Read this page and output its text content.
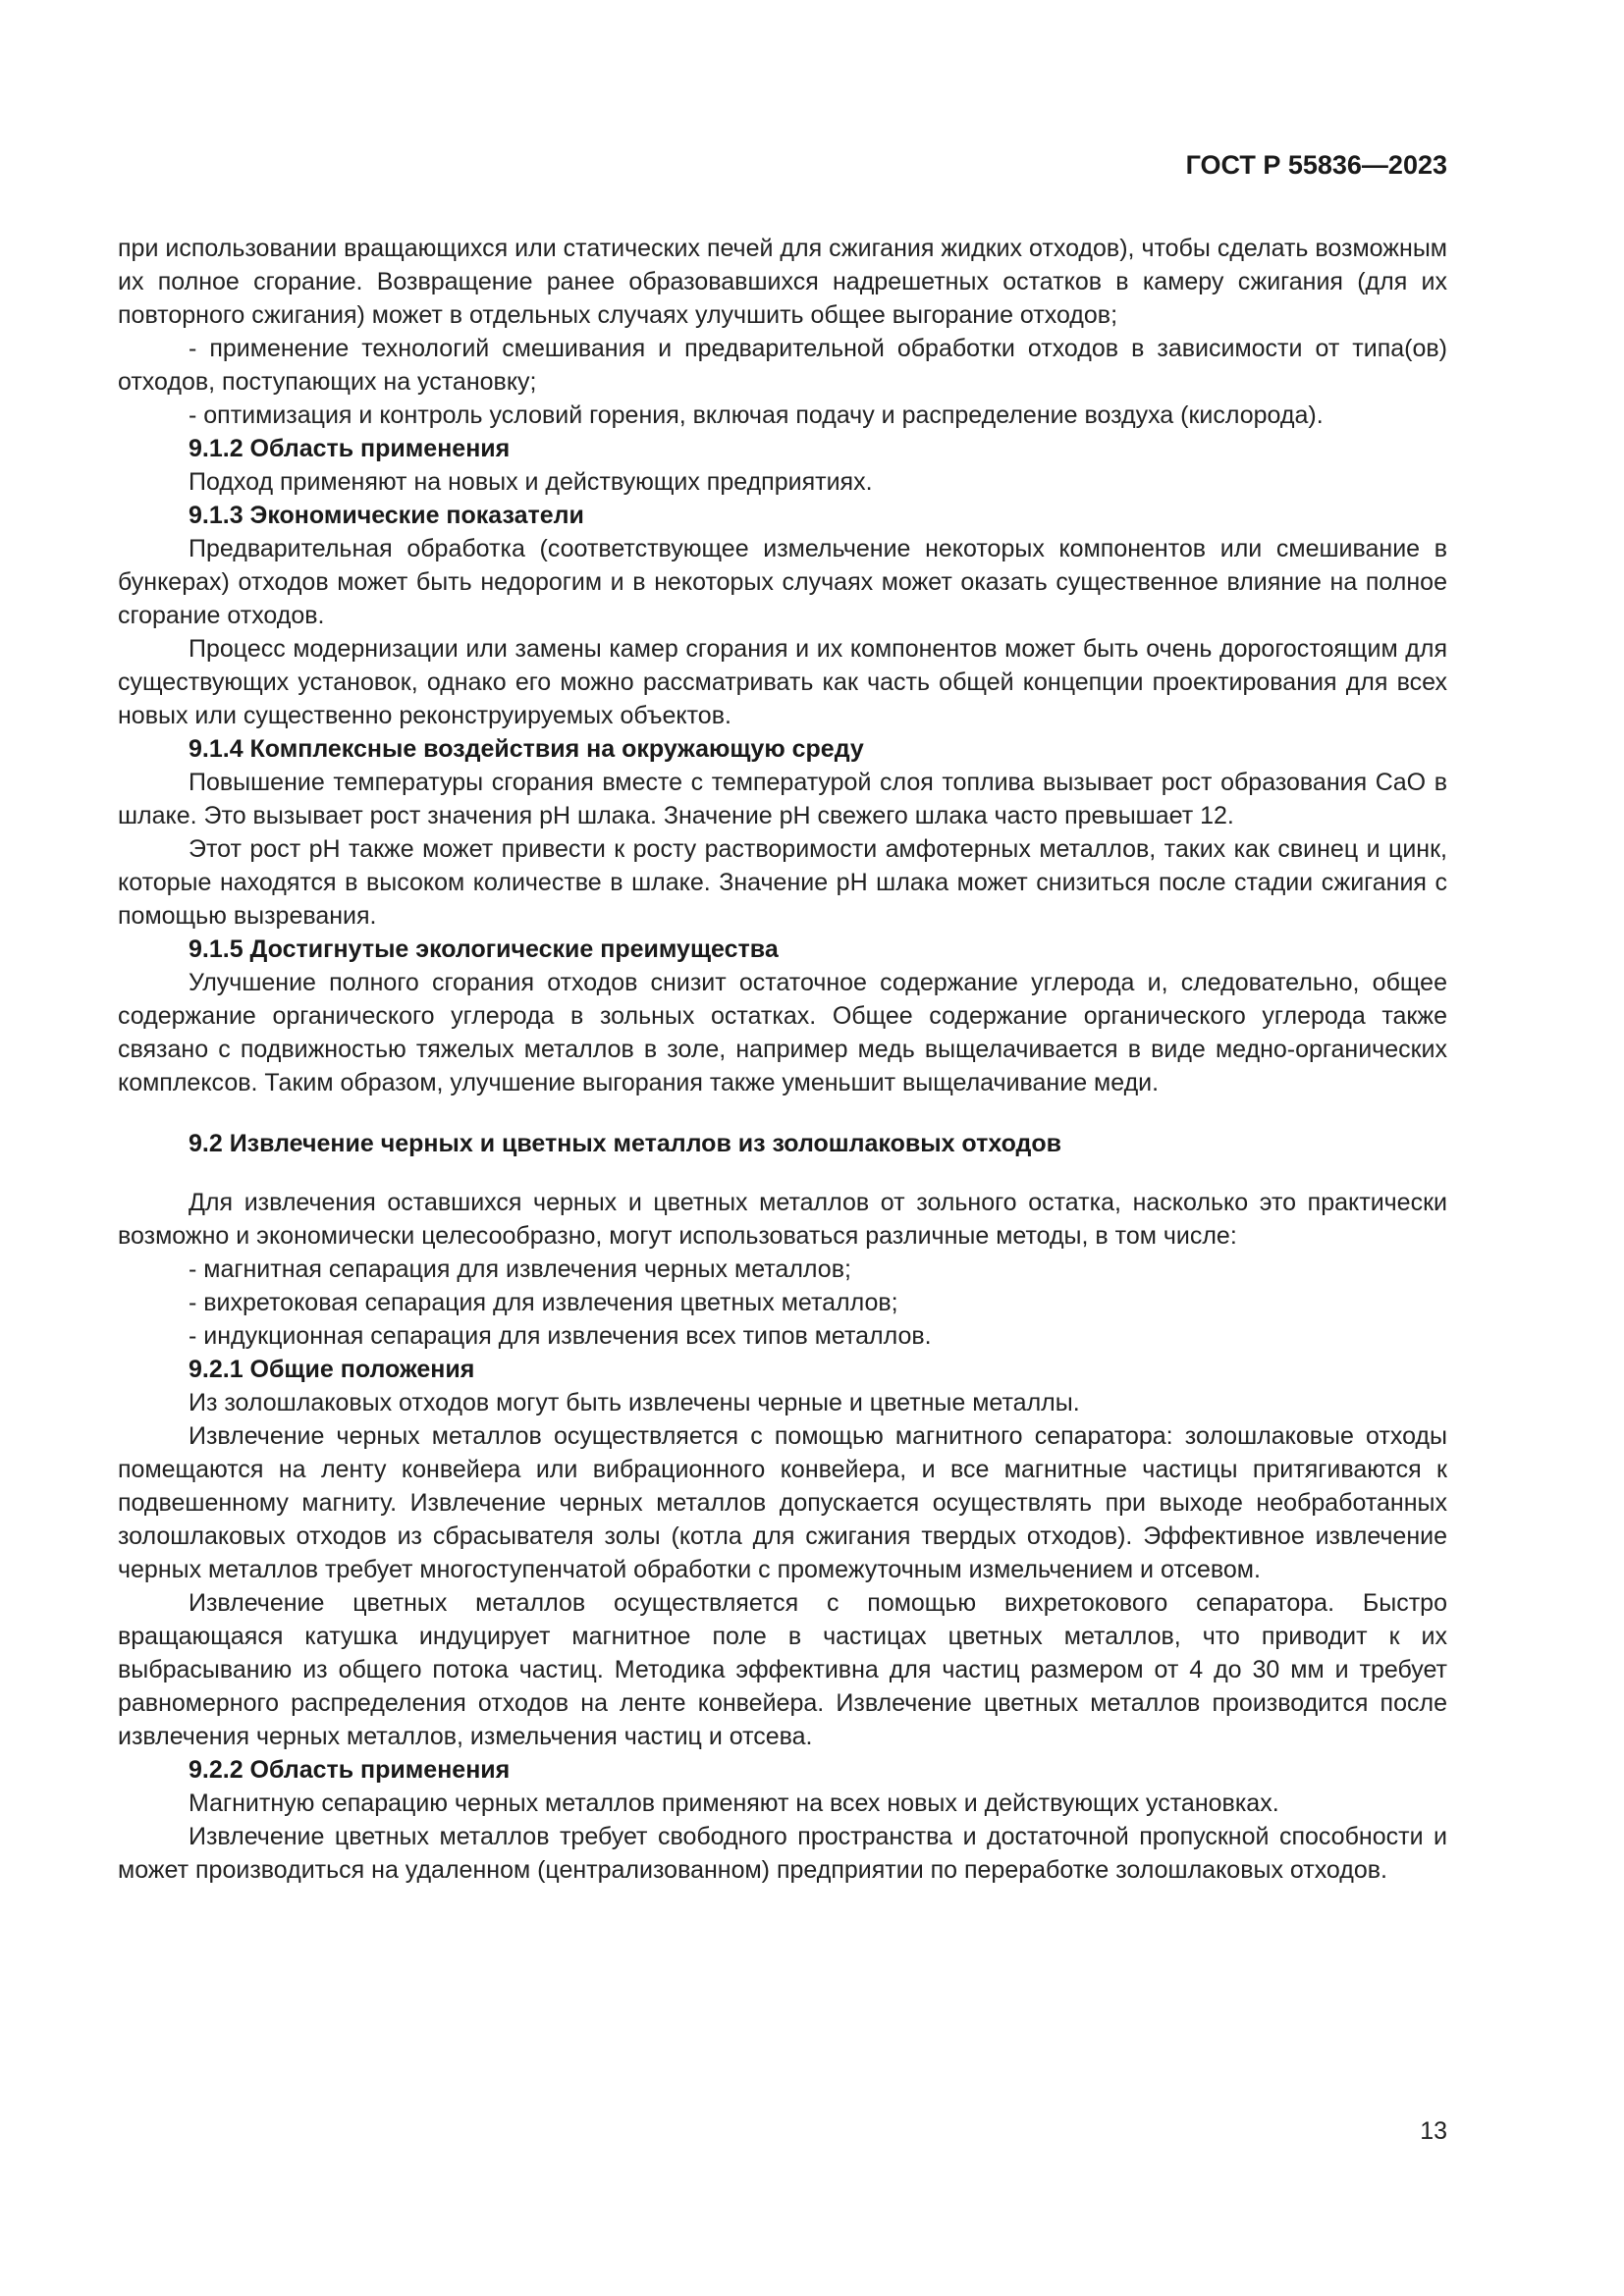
ГОСТ Р 55836—2023

при использовании вращающихся или статических печей для сжигания жидких отходов), чтобы сделать возможным их полное сгорание. Возвращение ранее образовавшихся надрешетных остатков в камеру сжигания (для их повторного сжигания) может в отдельных случаях улучшить общее выгорание отходов;

- применение технологий смешивания и предварительной обработки отходов в зависимости от типа(ов) отходов, поступающих на установку;

- оптимизация и контроль условий горения, включая подачу и распределение воздуха (кислорода).

9.1.2 Область применения

Подход применяют на новых и действующих предприятиях.

9.1.3 Экономические показатели

Предварительная обработка (соответствующее измельчение некоторых компонентов или смешивание в бункерах) отходов может быть недорогим и в некоторых случаях может оказать существенное влияние на полное сгорание отходов.

Процесс модернизации или замены камер сгорания и их компонентов может быть очень дорогостоящим для существующих установок, однако его можно рассматривать как часть общей концепции проектирования для всех новых или существенно реконструируемых объектов.

9.1.4 Комплексные воздействия на окружающую среду

Повышение температуры сгорания вместе с температурой слоя топлива вызывает рост образования CaO в шлаке. Это вызывает рост значения pH шлака. Значение pH свежего шлака часто превышает 12.

Этот рост pH также может привести к росту растворимости амфотерных металлов, таких как свинец и цинк, которые находятся в высоком количестве в шлаке. Значение pH шлака может снизиться после стадии сжигания с помощью вызревания.

9.1.5 Достигнутые экологические преимущества

Улучшение полного сгорания отходов снизит остаточное содержание углерода и, следовательно, общее содержание органического углерода в зольных остатках. Общее содержание органического углерода также связано с подвижностью тяжелых металлов в золе, например медь выщелачивается в виде медно-органических комплексов. Таким образом, улучшение выгорания также уменьшит выщелачивание меди.

9.2 Извлечение черных и цветных металлов из золошлаковых отходов

Для извлечения оставшихся черных и цветных металлов от зольного остатка, насколько это практически возможно и экономически целесообразно, могут использоваться различные методы, в том числе:

- магнитная сепарация для извлечения черных металлов;

- вихретоковая сепарация для извлечения цветных металлов;

- индукционная сепарация для извлечения всех типов металлов.

9.2.1 Общие положения

Из золошлаковых отходов могут быть извлечены черные и цветные металлы.

Извлечение черных металлов осуществляется с помощью магнитного сепаратора: золошлаковые отходы помещаются на ленту конвейера или вибрационного конвейера, и все магнитные частицы притягиваются к подвешенному магниту. Извлечение черных металлов допускается осуществлять при выходе необработанных золошлаковых отходов из сбрасывателя золы (котла для сжигания твердых отходов). Эффективное извлечение черных металлов требует многоступенчатой обработки с промежуточным измельчением и отсевом.

Извлечение цветных металлов осуществляется с помощью вихретокового сепаратора. Быстро вращающаяся катушка индуцирует магнитное поле в частицах цветных металлов, что приводит к их выбрасыванию из общего потока частиц. Методика эффективна для частиц размером от 4 до 30 мм и требует равномерного распределения отходов на ленте конвейера. Извлечение цветных металлов производится после извлечения черных металлов, измельчения частиц и отсева.

9.2.2 Область применения

Магнитную сепарацию черных металлов применяют на всех новых и действующих установках.

Извлечение цветных металлов требует свободного пространства и достаточной пропускной способности и может производиться на удаленном (централизованном) предприятии по переработке золошлаковых отходов.

13
